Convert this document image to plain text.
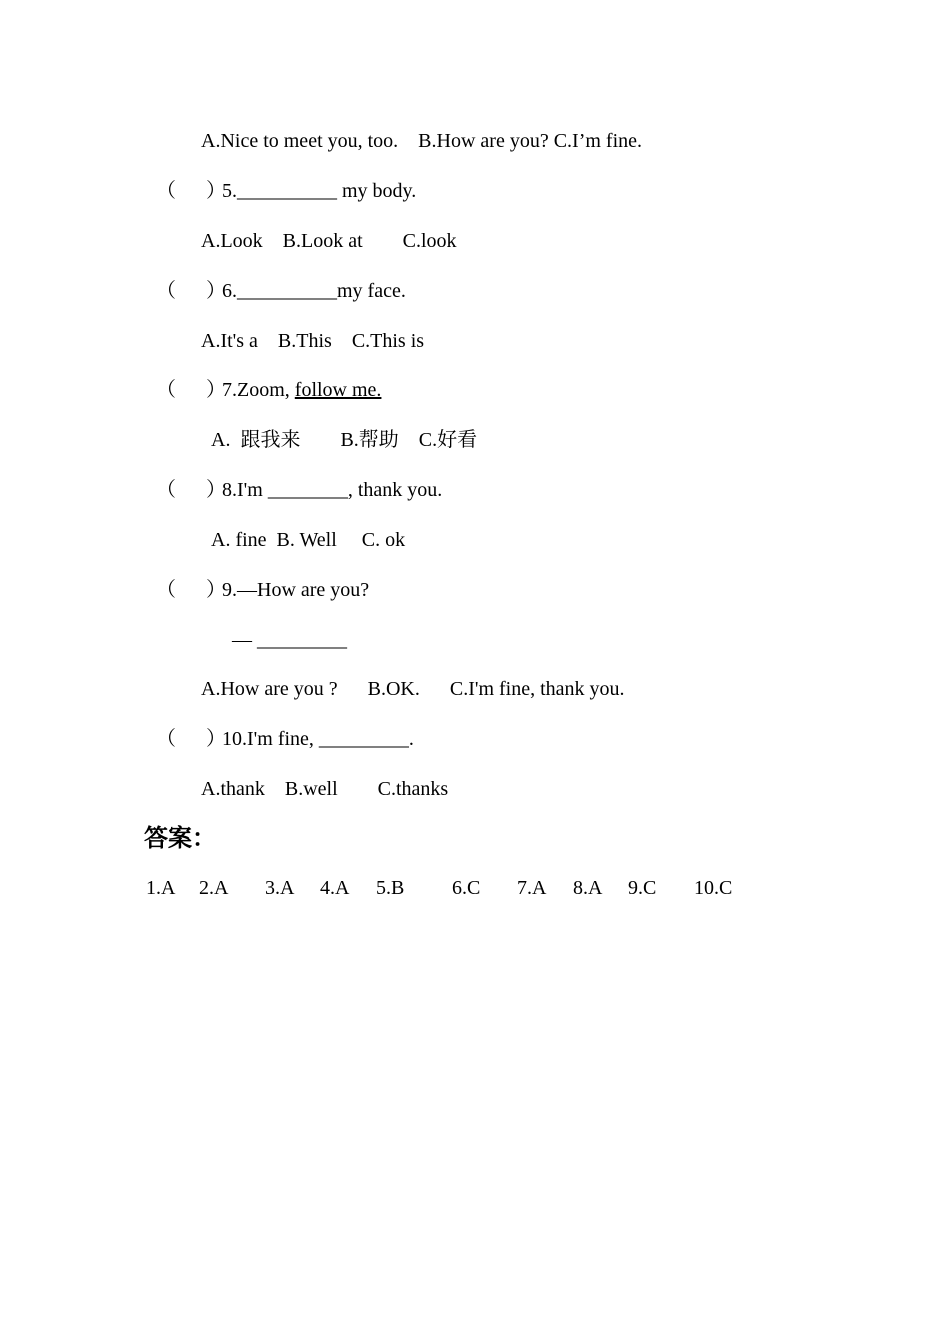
A.Nice to meet you, too.    B.How are you? C.I’m fine.
（      ）
5.__________ my body.
A.Look    B.Look at        C.look
（      ）
6.__________my face.
A.It's a    B.This    C.This is
（      ）
7.Zoom, follow me.
A.  跟我来        B.帮助    C.好看
（      ）
8.I'm ________, thank you.
A. fine  B. Well     C. ok
（      ）
9.—How are you?
— _________
A.How are you ?      B.OK.      C.I'm fine, thank you.
（      ）
10.I'm fine, _________.
A.thank    B.well        C.thanks
答案：
1.A 2.A 3.A 4.A 5.B 6.C 7.A 8.A 9.C 10.C
